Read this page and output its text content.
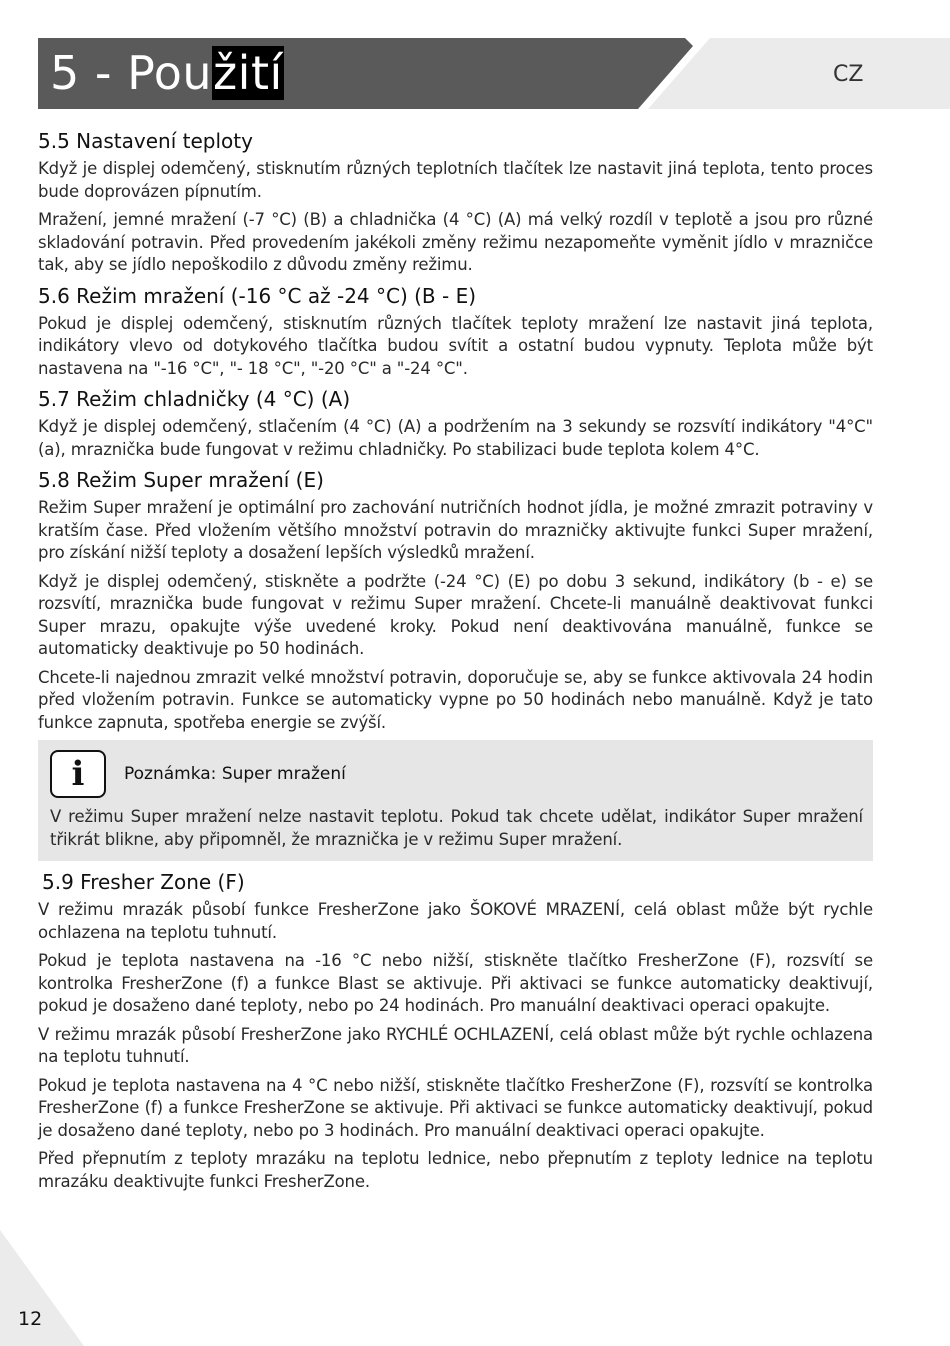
5 - Použití	CZ
5.5 Nastavení teploty

Když je displej odemčený, stisknutím různých teplotních tlačítek lze nastavit jiná teplota, tento proces bude doprovázen pípnutím.

Mražení, jemné mražení (-7 °C) (B) a chladnička (4 °C) (A) má velký rozdíl v teplotě a jsou pro různé skladování potravin. Před provedením jakékoli změny režimu nezapomeňte vyměnit jídlo v mrazničce tak, aby se jídlo nepoškodilo z důvodu změny režimu.

5.6 Režim mražení (-16 °C až -24 °C) (B - E)

Pokud je displej odemčený, stisknutím různých tlačítek teploty mražení lze nastavit jiná teplota, indikátory vlevo od dotykového tlačítka budou svítit a ostatní budou vypnuty. Teplota může být nastavena na "-16 °C", "- 18 °C", "-20 °C" a "-24 °C".

5.7 Režim chladničky (4 °C) (A)

Když je displej odemčený, stlačením (4 °C) (A) a podržením na 3 sekundy se rozsvítí indikátory "4°C" (a), mraznička bude fungovat v režimu chladničky. Po stabilizaci bude teplota kolem 4°C.

5.8 Režim Super mražení (E)

Režim Super mražení je optimální pro zachování nutričních hodnot jídla, je možné zmrazit potraviny v kratším čase. Před vložením většího množství potravin do mrazničky aktivujte funkci Super mražení, pro získání nižší teploty a dosažení lepších výsledků mražení.

Když je displej odemčený, stiskněte a podržte (-24 °C) (E) po dobu 3 sekund, indikátory (b - e) se rozsvítí, mraznička bude fungovat v režimu Super mražení. Chcete-li manuálně deaktivovat funkci Super mrazu, opakujte výše uvedené kroky. Pokud není deaktivována manuálně, funkce se automaticky deaktivuje po 50 hodinách.

Chcete-li najednou zmrazit velké množství potravin, doporučuje se, aby se funkce aktivovala 24 hodin před vložením potravin. Funkce se automaticky vypne po 50 hodinách nebo manuálně. Když je tato funkce zapnuta, spotřeba energie se zvýší.

i	Poznámka: Super mražení

V režimu Super mražení nelze nastavit teplotu. Pokud tak chcete udělat, indikátor Super mražení třikrát blikne, aby připomněl, že mraznička je v režimu Super mražení.

5.9 Fresher Zone (F)

V režimu mrazák působí funkce FresherZone jako ŠOKOVÉ MRAZENÍ, celá oblast může být rychle ochlazena na teplotu tuhnutí.

Pokud je teplota nastavena na -16 °C nebo nižší, stiskněte tlačítko FresherZone (F), rozsvítí se kontrolka FresherZone (f) a funkce Blast se aktivuje. Při aktivaci se funkce automaticky deaktivují, pokud je dosaženo dané teploty, nebo po 24 hodinách. Pro manuální deaktivaci operaci opakujte.

V režimu mrazák působí FresherZone jako RYCHLÉ OCHLAZENÍ, celá oblast může být rychle ochlazena na teplotu tuhnutí.

Pokud je teplota nastavena na 4 °C nebo nižší, stiskněte tlačítko FresherZone (F), rozsvítí se kontrolka FresherZone (f) a funkce FresherZone se aktivuje. Při aktivaci se funkce automaticky deaktivují, pokud je dosaženo dané teploty, nebo po 3 hodinách. Pro manuální deaktivaci operaci opakujte.

Před přepnutím z teploty mrazáku na teplotu lednice, nebo přepnutím z teploty lednice na teplotu mrazáku deaktivujte funkci FresherZone.

12
